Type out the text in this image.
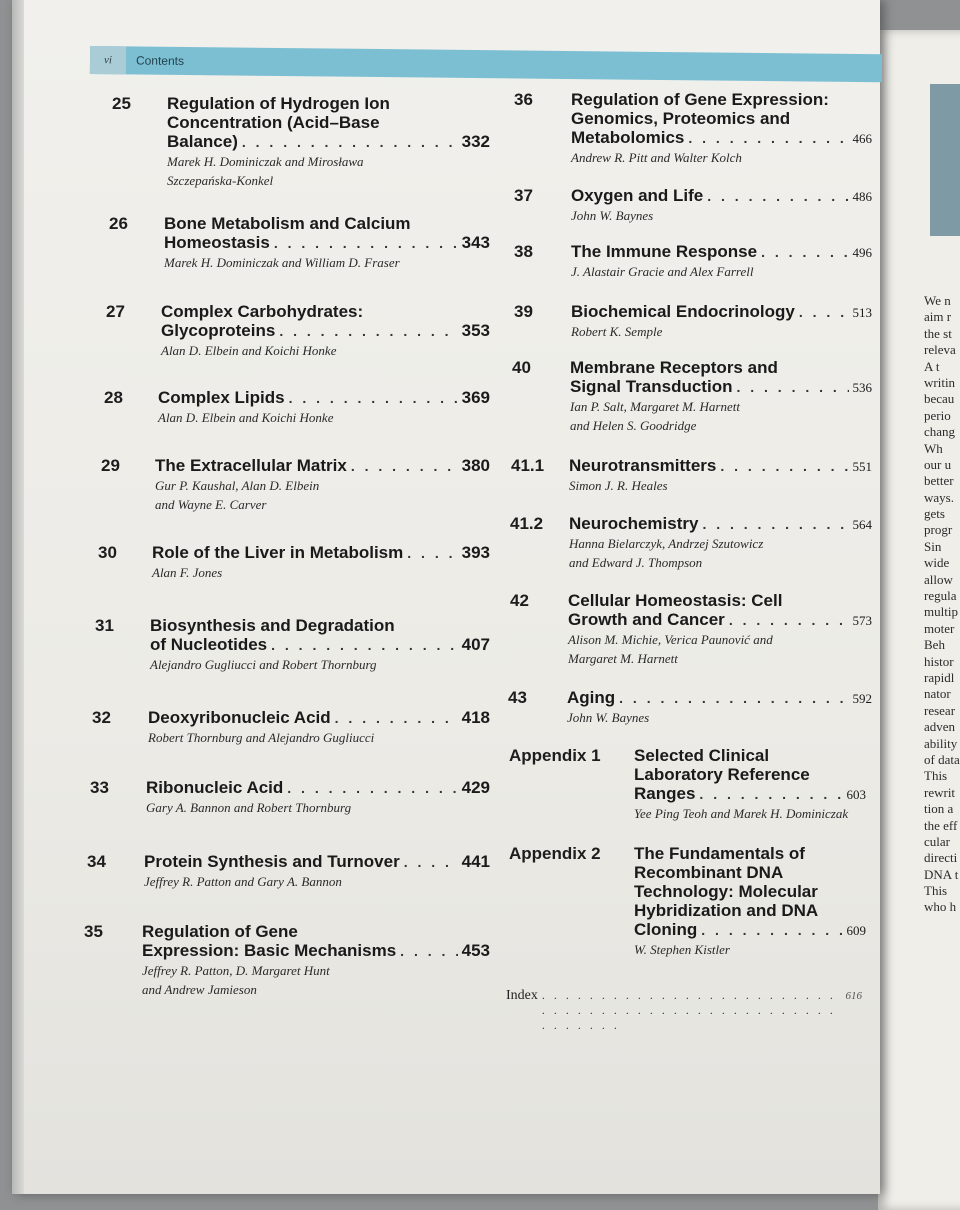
We n
aim r
the st
releva
A t
writin
becau
perio
chang
Wh
our u
better
ways.
gets
progr
Sin
wide
allow
regula
multip
moter
Beh
histor
rapidl
nator
resear
adven
ability
of data
This
rewrit
tion a
the eff
cular
directi
DNA t
This
who h
vi	Contents
25 Regulation of Hydrogen Ion
Concentration (Acid–Base
Balance) . . .	332
Marek H. Dominiczak and Mirosława
Szczepańska-Konkel
26 Bone Metabolism and Calcium
Homeostasis . . .	343
Marek H. Dominiczak and William D. Fraser
27 Complex Carbohydrates:
Glycoproteins . . .	353
Alan D. Elbein and Koichi Honke
28 Complex Lipids . . .	369
Alan D. Elbein and Koichi Honke
29 The Extracellular Matrix . . .	380
Gur P. Kaushal, Alan D. Elbein
and Wayne E. Carver
30 Role of the Liver in Metabolism . . .	393
Alan F. Jones
31 Biosynthesis and Degradation
of Nucleotides . . .	407
Alejandro Gugliucci and Robert Thornburg
32 Deoxyribonucleic Acid . . .	418
Robert Thornburg and Alejandro Gugliucci
33 Ribonucleic Acid . . .	429
Gary A. Bannon and Robert Thornburg
34 Protein Synthesis and Turnover . . .	441
Jeffrey R. Patton and Gary A. Bannon
35 Regulation of Gene
Expression: Basic Mechanisms . . .	453
Jeffrey R. Patton, D. Margaret Hunt
and Andrew Jamieson
36 Regulation of Gene Expression:
Genomics, Proteomics and
Metabolomics . . .	466
Andrew R. Pitt and Walter Kolch
37 Oxygen and Life . . .	486
John W. Baynes
38 The Immune Response . . .	496
J. Alastair Gracie and Alex Farrell
39 Biochemical Endocrinology . . .	513
Robert K. Semple
40 Membrane Receptors and
Signal Transduction . . .	536
Ian P. Salt, Margaret M. Harnett
and Helen S. Goodridge
41.1 Neurotransmitters . . .	551
Simon J. R. Heales
41.2 Neurochemistry . . .	564
Hanna Bielarczyk, Andrzej Szutowicz
and Edward J. Thompson
42 Cellular Homeostasis: Cell
Growth and Cancer . . .	573
Alison M. Michie, Verica Paunović and
Margaret M. Harnett
43 Aging . . .	592
John W. Baynes
Appendix 1 Selected Clinical
Laboratory Reference
Ranges . . .	603
Yee Ping Teoh and Marek H. Dominiczak
Appendix 2 The Fundamentals of
Recombinant DNA
Technology: Molecular
Hybridization and DNA
Cloning . . .	609
W. Stephen Kistler
Index . . .	616
